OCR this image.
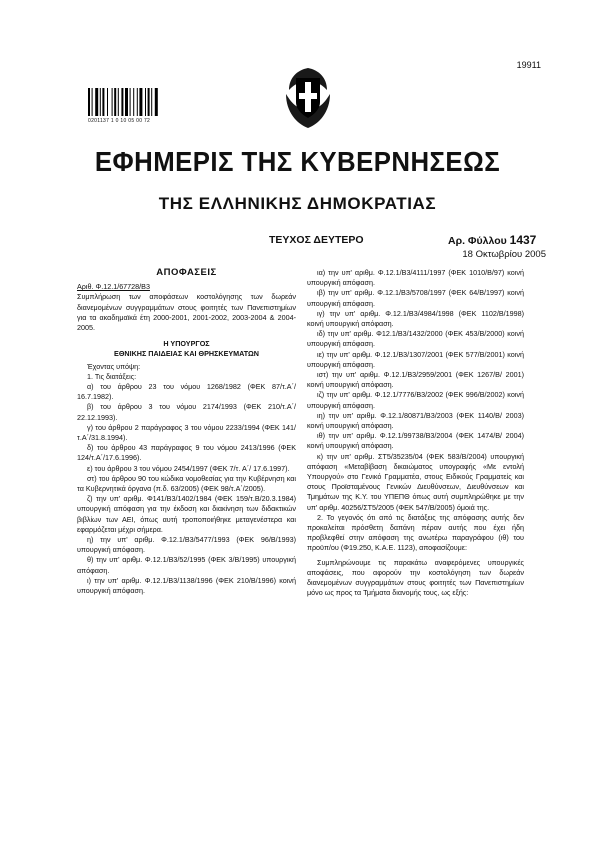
19911
0201137 1 0 10 05 00 72
ΕΦΗΜΕΡΙΣ ΤΗΣ ΚΥΒΕΡΝΗΣΕΩΣ
ΤΗΣ ΕΛΛΗΝΙΚΗΣ ΔΗΜΟΚΡΑΤΙΑΣ
ΤΕΥΧΟΣ ΔΕΥΤΕΡΟ	Αρ. Φύλλου 1437
18 Οκτωβρίου 2005

ΑΠΟΦΑΣΕΙΣ

Αριθ. Φ.12.1/67728/Β3

Συμπλήρωση των αποφάσεων κοστολόγησης των δωρεάν διανεμομένων συγγραμμάτων στους φοιτητές των Πανεπιστημίων για τα ακαδημαϊκά έτη 2000-2001, 2001-2002, 2003-2004 & 2004-2005.

Η ΥΠΟΥΡΓΟΣ

ΕΘΝΙΚΗΣ ΠΑΙΔΕΙΑΣ ΚΑΙ ΘΡΗΣΚΕΥΜΑΤΩΝ

Έχοντας υπόψη:

1. Τις διατάξεις:

α) του άρθρου 23 του νόμου 1268/1982 (ΦΕΚ 87/τ.Α΄/ 16.7.1982).

β) του άρθρου 3 του νόμου 2174/1993 (ΦΕΚ 210/τ.Α΄/ 22.12.1993).

γ) του άρθρου 2 παράγραφος 3 του νόμου 2233/1994 (ΦΕΚ 141/τ.Α΄/31.8.1994).

δ) του άρθρου 43 παράγραφος 9 του νόμου 2413/1996 (ΦΕΚ 124/τ.Α΄/17.6.1996).

ε) του άρθρου 3 του νόμου 2454/1997 (ΦΕΚ 7/τ. Α΄/ 17.6.1997).

στ) του άρθρου 90 του κώδικα νομοθεσίας για την Κυβέρνηση και τα Κυβερνητικά όργανα (π.δ. 63/2005) (ΦΕΚ 98/τ.Α΄/2005).

ζ) την υπ' αριθμ. Φ141/Β3/1402/1984 (ΦΕΚ 159/τ.Β/20.3.1984) υπουργική απόφαση για την έκδοση και διακίνηση των διδακτικών βιβλίων των ΑΕΙ, όπως αυτή τροποποιήθηκε μεταγενέστερα και εφαρμόζεται μέχρι σήμερα.

η) την υπ' αριθμ. Φ.12.1/Β3/5477/1993 (ΦΕΚ 96/Β/1993) υπουργική απόφαση.

θ) την υπ' αριθμ. Φ.12.1/Β3/52/1995 (ΦΕΚ 3/Β/1995) υπουργική απόφαση.

ι) την υπ' αριθμ. Φ.12.1/Β3/1138/1996 (ΦΕΚ 210/Β/1996) κοινή υπουργική απόφαση.

ια) την υπ' αριθμ. Φ.12.1/Β3/4111/1997 (ΦΕΚ 1010/Β/97) κοινή υπουργική απόφαση.

ιβ) την υπ' αριθμ. Φ.12.1/Β3/5708/1997 (ΦΕΚ 64/Β/1997) κοινή υπουργική απόφαση.

ιγ) την υπ' αριθμ. Φ.12.1/Β3/4984/1998 (ΦΕΚ 1102/Β/1998) κοινή υπουργική απόφαση.

ιδ) την υπ' αριθμ. Φ12.1/Β3/1432/2000 (ΦΕΚ 453/Β/2000) κοινή υπουργική απόφαση.

ιε) την υπ' αριθμ. Φ.12.1/Β3/1307/2001 (ΦΕΚ 577/Β/2001) κοινή υπουργική απόφαση.

ιστ) την υπ' αριθμ. Φ.12.1/Β3/2959/2001 (ΦΕΚ 1267/Β/ 2001) κοινή υπουργική απόφαση.

ιζ) την υπ' αριθμ. Φ.12.1/7776/Β3/2002 (ΦΕΚ 996/Β/2002) κοινή υπουργική απόφαση.

ιη) την υπ' αριθμ. Φ.12.1/80871/Β3/2003 (ΦΕΚ 1140/Β/ 2003) κοινή υπουργική απόφαση.

ιθ) την υπ' αριθμ. Φ.12.1/99738/Β3/2004 (ΦΕΚ 1474/Β/ 2004) κοινή υπουργική απόφαση.

κ) την υπ' αριθμ. ΣΤ5/35235/04 (ΦΕΚ 583/Β/2004) υπουργική απόφαση «Μεταβίβαση δικαιώματος υπογραφής «Με εντολή Υπουργού» στο Γενικό Γραμματέα, στους Ειδικούς Γραμματείς και στους Προϊσταμένους Γενικών Διευθύνσεων, Διευθύνσεων και Τμημάτων της Κ.Υ. του ΥΠΕΠΘ όπως αυτή συμπληρώθηκε με την υπ' αριθμ. 40256/ΣΤ5/2005 (ΦΕΚ 547/Β/2005) όμοιά της.

2. Το γεγονός ότι από τις διατάξεις της απόφασης αυτής δεν προκαλείται πρόσθετη δαπάνη πέραν αυτής που έχει ήδη προβλεφθεί στην απόφαση της ανωτέρω παραγράφου (ιθ) του προϋπ/ου (Φ19.250, Κ.Α.Ε. 1123), αποφασίζουμε:

Συμπληρώνουμε τις παρακάτω αναφερόμενες υπουργικές αποφάσεις, που αφορούν την κοστολόγηση των δωρεάν διανεμομένων συγγραμμάτων στους φοιτητές των Πανεπιστημίων μόνο ως προς τα Τμήματα διανομής τους, ως εξής:
